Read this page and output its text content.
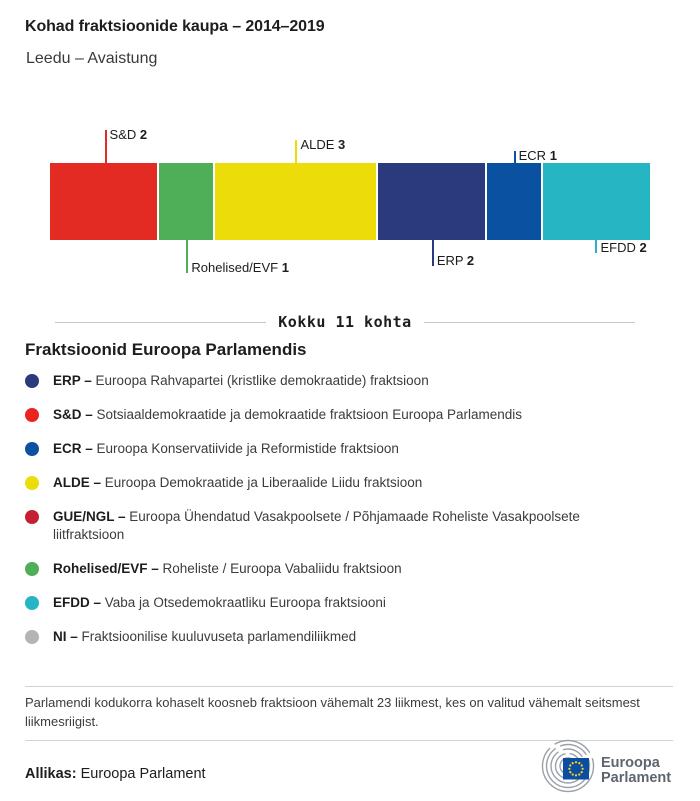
Kohad fraktsioonide kaupa – 2014–2019
Leedu – Avaistung
S&D 2
Rohelised/EVF 1
ALDE 3
ERP 2
ECR 1
EFDD 2
Kokku 11 kohta
Fraktsioonid Euroopa Parlamendis
ERP – Euroopa Rahvapartei (kristlike demokraatide) fraktsioon
S&D – Sotsiaaldemokraatide ja demokraatide fraktsioon Euroopa Parlamendis
ECR – Euroopa Konservatiivide ja Reformistide fraktsioon
ALDE – Euroopa Demokraatide ja Liberaalide Liidu fraktsioon
GUE/NGL – Euroopa Ühendatud Vasakpoolsete / Põhjamaade Roheliste Vasakpoolsete liitfraktsioon
Rohelised/EVF – Roheliste / Euroopa Vabaliidu fraktsioon
EFDD – Vaba ja Otsedemokraatliku Euroopa fraktsiooni
NI – Fraktsioonilise kuuluvuseta parlamendiliikmed
Parlamendi kodukorra kohaselt koosneb fraktsioon vähemalt 23 liikmest, kes on valitud vähemalt seitsmest liikmesriigist.
Allikas: Euroopa Parlament
Euroopa
Parlament
